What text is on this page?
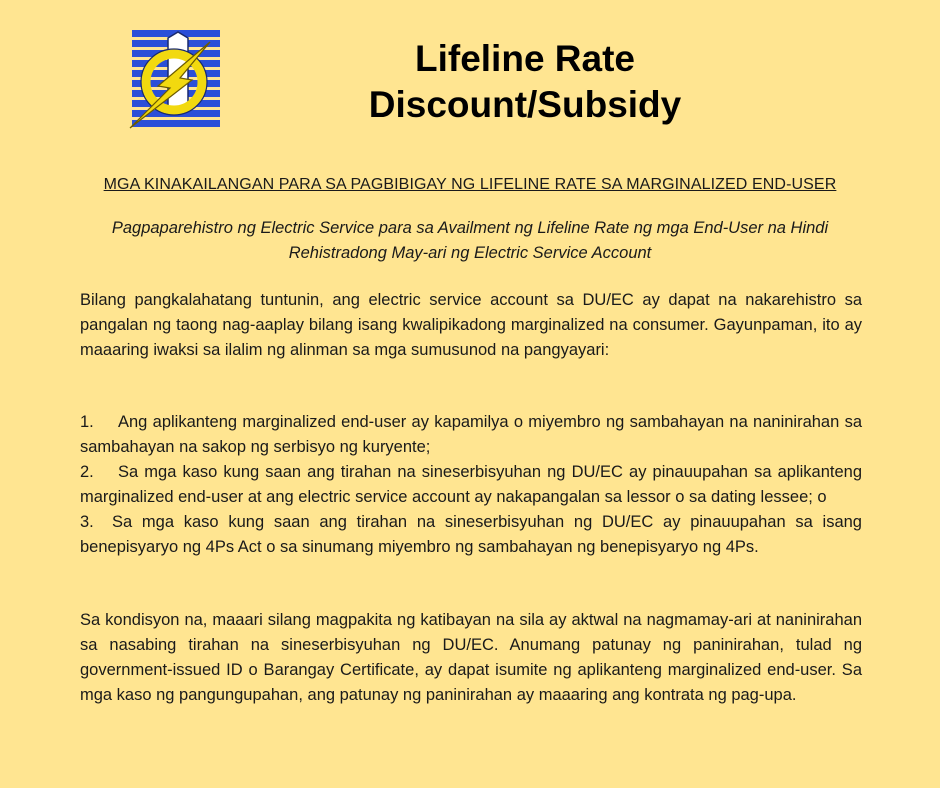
Lifeline Rate
Discount/Subsidy
MGA KINAKAILANGAN PARA SA PAGBIBIGAY NG LIFELINE RATE SA MARGINALIZED END-USER
Pagpaparehistro ng Electric Service para sa Availment ng Lifeline Rate ng mga End-User na Hindi Rehistradong May-ari ng Electric Service Account
Bilang pangkalahatang tuntunin, ang electric service account sa DU/EC ay dapat na nakarehistro sa pangalan ng taong nag-aaplay bilang isang kwalipikadong marginalized na consumer. Gayunpaman, ito ay maaaring iwaksi sa ilalim ng alinman sa mga sumusunod na pangyayari:
1. Ang aplikanteng marginalized end-user ay kapamilya o miyembro ng sambahayan na naninirahan sa sambahayan na sakop ng serbisyo ng kuryente;
2. Sa mga kaso kung saan ang tirahan na sineserbisyuhan ng DU/EC ay pinauupahan sa aplikanteng marginalized end-user at ang electric service account ay nakapangalan sa lessor o sa dating lessee; o
3. Sa mga kaso kung saan ang tirahan na sineserbisyuhan ng DU/EC ay pinauupahan sa isang benepisyaryo ng 4Ps Act o sa sinumang miyembro ng sambahayan ng benepisyaryo ng 4Ps.
Sa kondisyon na, maaari silang magpakita ng katibayan na sila ay aktwal na nagmamay-ari at naninirahan sa nasabing tirahan na sineserbisyuhan ng DU/EC. Anumang patunay ng paninirahan, tulad ng government-issued ID o Barangay Certificate, ay dapat isumite ng aplikanteng marginalized end-user. Sa mga kaso ng pangungupahan, ang patunay ng paninirahan ay maaaring ang kontrata ng pag-upa.
